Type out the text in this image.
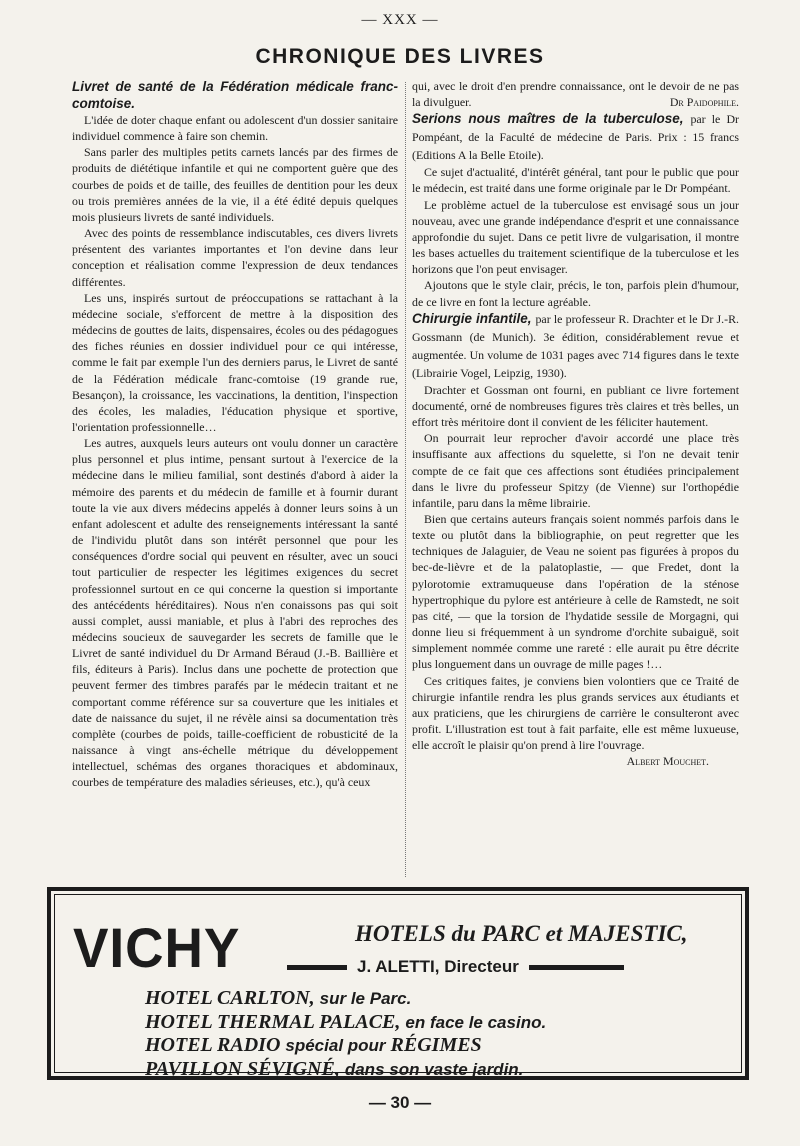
— XXX —
CHRONIQUE DES LIVRES
Livret de santé de la Fédération médicale franc-comtoise.

L'idée de doter chaque enfant ou adolescent d'un dossier sanitaire individuel commence à faire son chemin.

Sans parler des multiples petits carnets lancés par des firmes de produits de diététique infantile et qui ne comportent guère que des courbes de poids et de taille, des feuilles de dentition pour les deux ou trois premières années de la vie, il a été édité depuis quelques mois plusieurs livrets de santé individuels.

Avec des points de ressemblance indiscutables, ces divers livrets présentent des variantes importantes et l'on devine dans leur conception et réalisation comme l'expression de deux tendances différentes.

Les uns, inspirés surtout de préoccupations se rattachant à la médecine sociale, s'efforcent de mettre à la disposition des médecins de gouttes de laits, dispensaires, écoles ou des pédagogues des fiches réunies en dossier individuel pour ce qui intéresse, comme le fait par exemple l'un des derniers parus, le Livret de santé de la Fédération médicale franc-comtoise (19 grande rue, Besançon), la croissance, les vaccinations, la dentition, l'inspection des écoles, les maladies, l'éducation physique et sportive, l'orientation professionnelle…

Les autres, auxquels leurs auteurs ont voulu donner un caractère plus personnel et plus intime, pensant surtout à l'exercice de la médecine dans le milieu familial, sont destinés d'abord à aider la mémoire des parents et du médecin de famille et à fournir durant toute la vie aux divers médecins appelés à donner leurs soins à un enfant adolescent et adulte des renseignements intéressant la santé de l'individu plutôt dans son intérêt personnel que pour les conséquences d'ordre social qui peuvent en résulter, avec un souci tout particulier de respecter les légitimes exigences du secret professionnel surtout en ce qui concerne la question si importante des antécédents héréditaires). Nous n'en conaissons pas qui soit aussi complet, aussi maniable, et plus à l'abri des reproches des médecins soucieux de sauvegarder les secrets de famille que le Livret de santé individuel du Dr Armand Béraud (J.-B. Baillière et fils, éditeurs à Paris). Inclus dans une pochette de protection que peuvent fermer des timbres parafés par le médecin traitant et ne comportant comme référence sur sa couverture que les initiales et date de naissance du sujet, il ne révèle ainsi sa documentation très complète (courbes de poids, taille-coefficient de robusticité de la naissance à vingt ans-échelle métrique du développement intellectuel, schémas des organes thoraciques et abdominaux, courbes de température des maladies sérieuses, etc.), qu'à ceux

qui, avec le droit d'en prendre connaissance, ont le devoir de ne pas la divulguer.	Dr Paidophile.

Serions nous maîtres de la tuberculose, par le Dr Pompéant, de la Faculté de médecine de Paris. Prix : 15 francs (Editions A la Belle Etoile).

Ce sujet d'actualité, d'intérêt général, tant pour le public que pour le médecin, est traité dans une forme originale par le Dr Pompéant.

Le problème actuel de la tuberculose est envisagé sous un jour nouveau, avec une grande indépendance d'esprit et une connaissance approfondie du sujet. Dans ce petit livre de vulgarisation, il montre les bases actuelles du traitement scientifique de la tuberculose et les horizons que l'on peut envisager.

Ajoutons que le style clair, précis, le ton, parfois plein d'humour, de ce livre en font la lecture agréable.

Chirurgie infantile, par le professeur R. Drachter et le Dr J.-R. Gossmann (de Munich). 3e édition, considérablement revue et augmentée. Un volume de 1031 pages avec 714 figures dans le texte (Librairie Vogel, Leipzig, 1930).

Drachter et Gossman ont fourni, en publiant ce livre fortement documenté, orné de nombreuses figures très claires et très belles, un effort très méritoire dont il convient de les féliciter hautement.

On pourrait leur reprocher d'avoir accordé une place très insuffisante aux affections du squelette, si l'on ne devait tenir compte de ce fait que ces affections sont étudiées principalement dans le livre du professeur Spitzy (de Vienne) sur l'orthopédie infantile, paru dans la même librairie.

Bien que certains auteurs français soient nommés parfois dans le texte ou plutôt dans la bibliographie, on peut regretter que les techniques de Jalaguier, de Veau ne soient pas figurées à propos du bec-de-lièvre et de la palatoplastie, — que Fredet, dont la pylorotomie extramuqueuse dans l'opération de la sténose hypertrophique du pylore est antérieure à celle de Ramstedt, ne soit pas cité, — que la torsion de l'hydatide sessile de Morgagni, qui donne lieu si fréquemment à un syndrome d'orchite subaiguë, soit simplement nommée comme une rareté : elle aurait pu être décrite plus longuement dans un ouvrage de mille pages !…

Ces critiques faites, je conviens bien volontiers que ce Traité de chirurgie infantile rendra les plus grands services aux étudiants et aux praticiens, que les chirurgiens de carrière le consulteront avec profit. L'illustration est tout à fait parfaite, elle est même luxueuse, elle accroît le plaisir qu'on prend à lire l'ouvrage.

Albert Mouchet.

VICHY	HOTELS du PARC et MAJESTIC,
J. ALETTI, Directeur
HOTEL CARLTON, sur le Parc.
HOTEL THERMAL PALACE, en face le casino.
HOTEL RADIO spécial pour RÉGIMES
PAVILLON SÉVIGNÉ, dans son vaste jardin.
— 30 —
